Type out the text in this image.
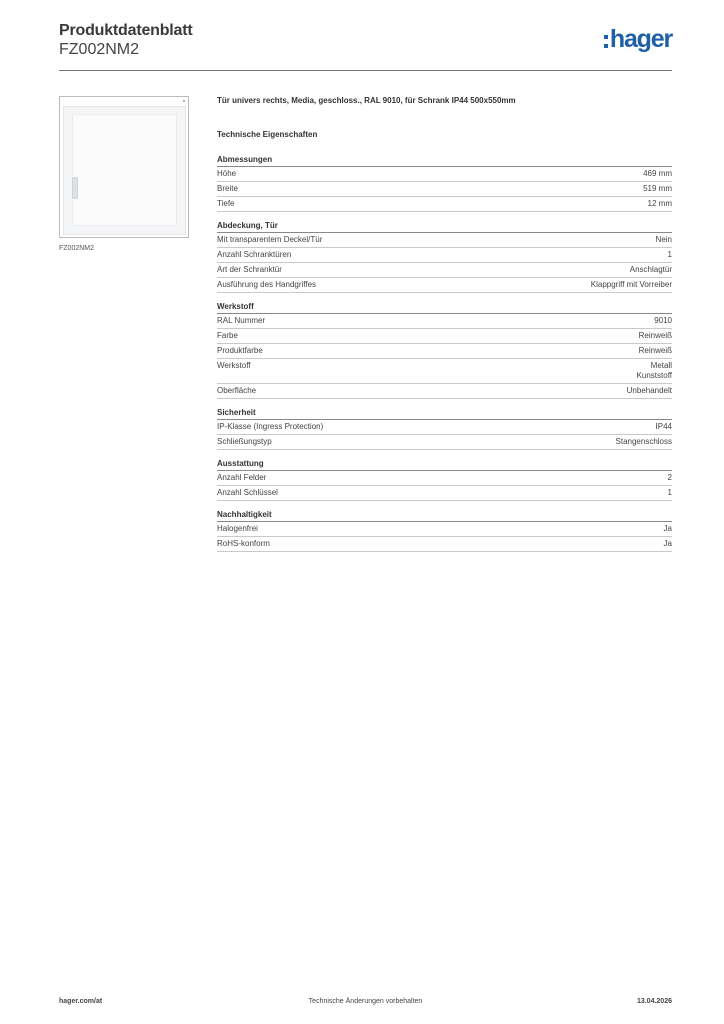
Produktdatenblatt
FZ002NM2	hager
FZ002NM2
Tür univers rechts, Media, geschloss., RAL 9010, für Schrank IP44 500x550mm
Technische Eigenschaften
Abmessungen
Höhe	469 mm
Breite	519 mm
Tiefe	12 mm
Abdeckung, Tür
Mit transparentem Deckel/Tür	Nein
Anzahl Schranktüren	1
Art der Schranktür	Anschlagtür
Ausführung des Handgriffes	Klappgriff mit Vorreiber
Werkstoff
RAL Nummer	9010
Farbe	Reinweiß
Produktfarbe	Reinweiß
Werkstoff	Metall
Kunststoff
Oberfläche	Unbehandelt
Sicherheit
IP-Klasse (Ingress Protection)	IP44
Schließungstyp	Stangenschloss
Ausstattung
Anzahl Felder	2
Anzahl Schlüssel	1
Nachhaltigkeit
Halogenfrei	Ja
RoHS-konform	Ja
hager.com/at	Technische Änderungen vorbehalten	13.04.2026
